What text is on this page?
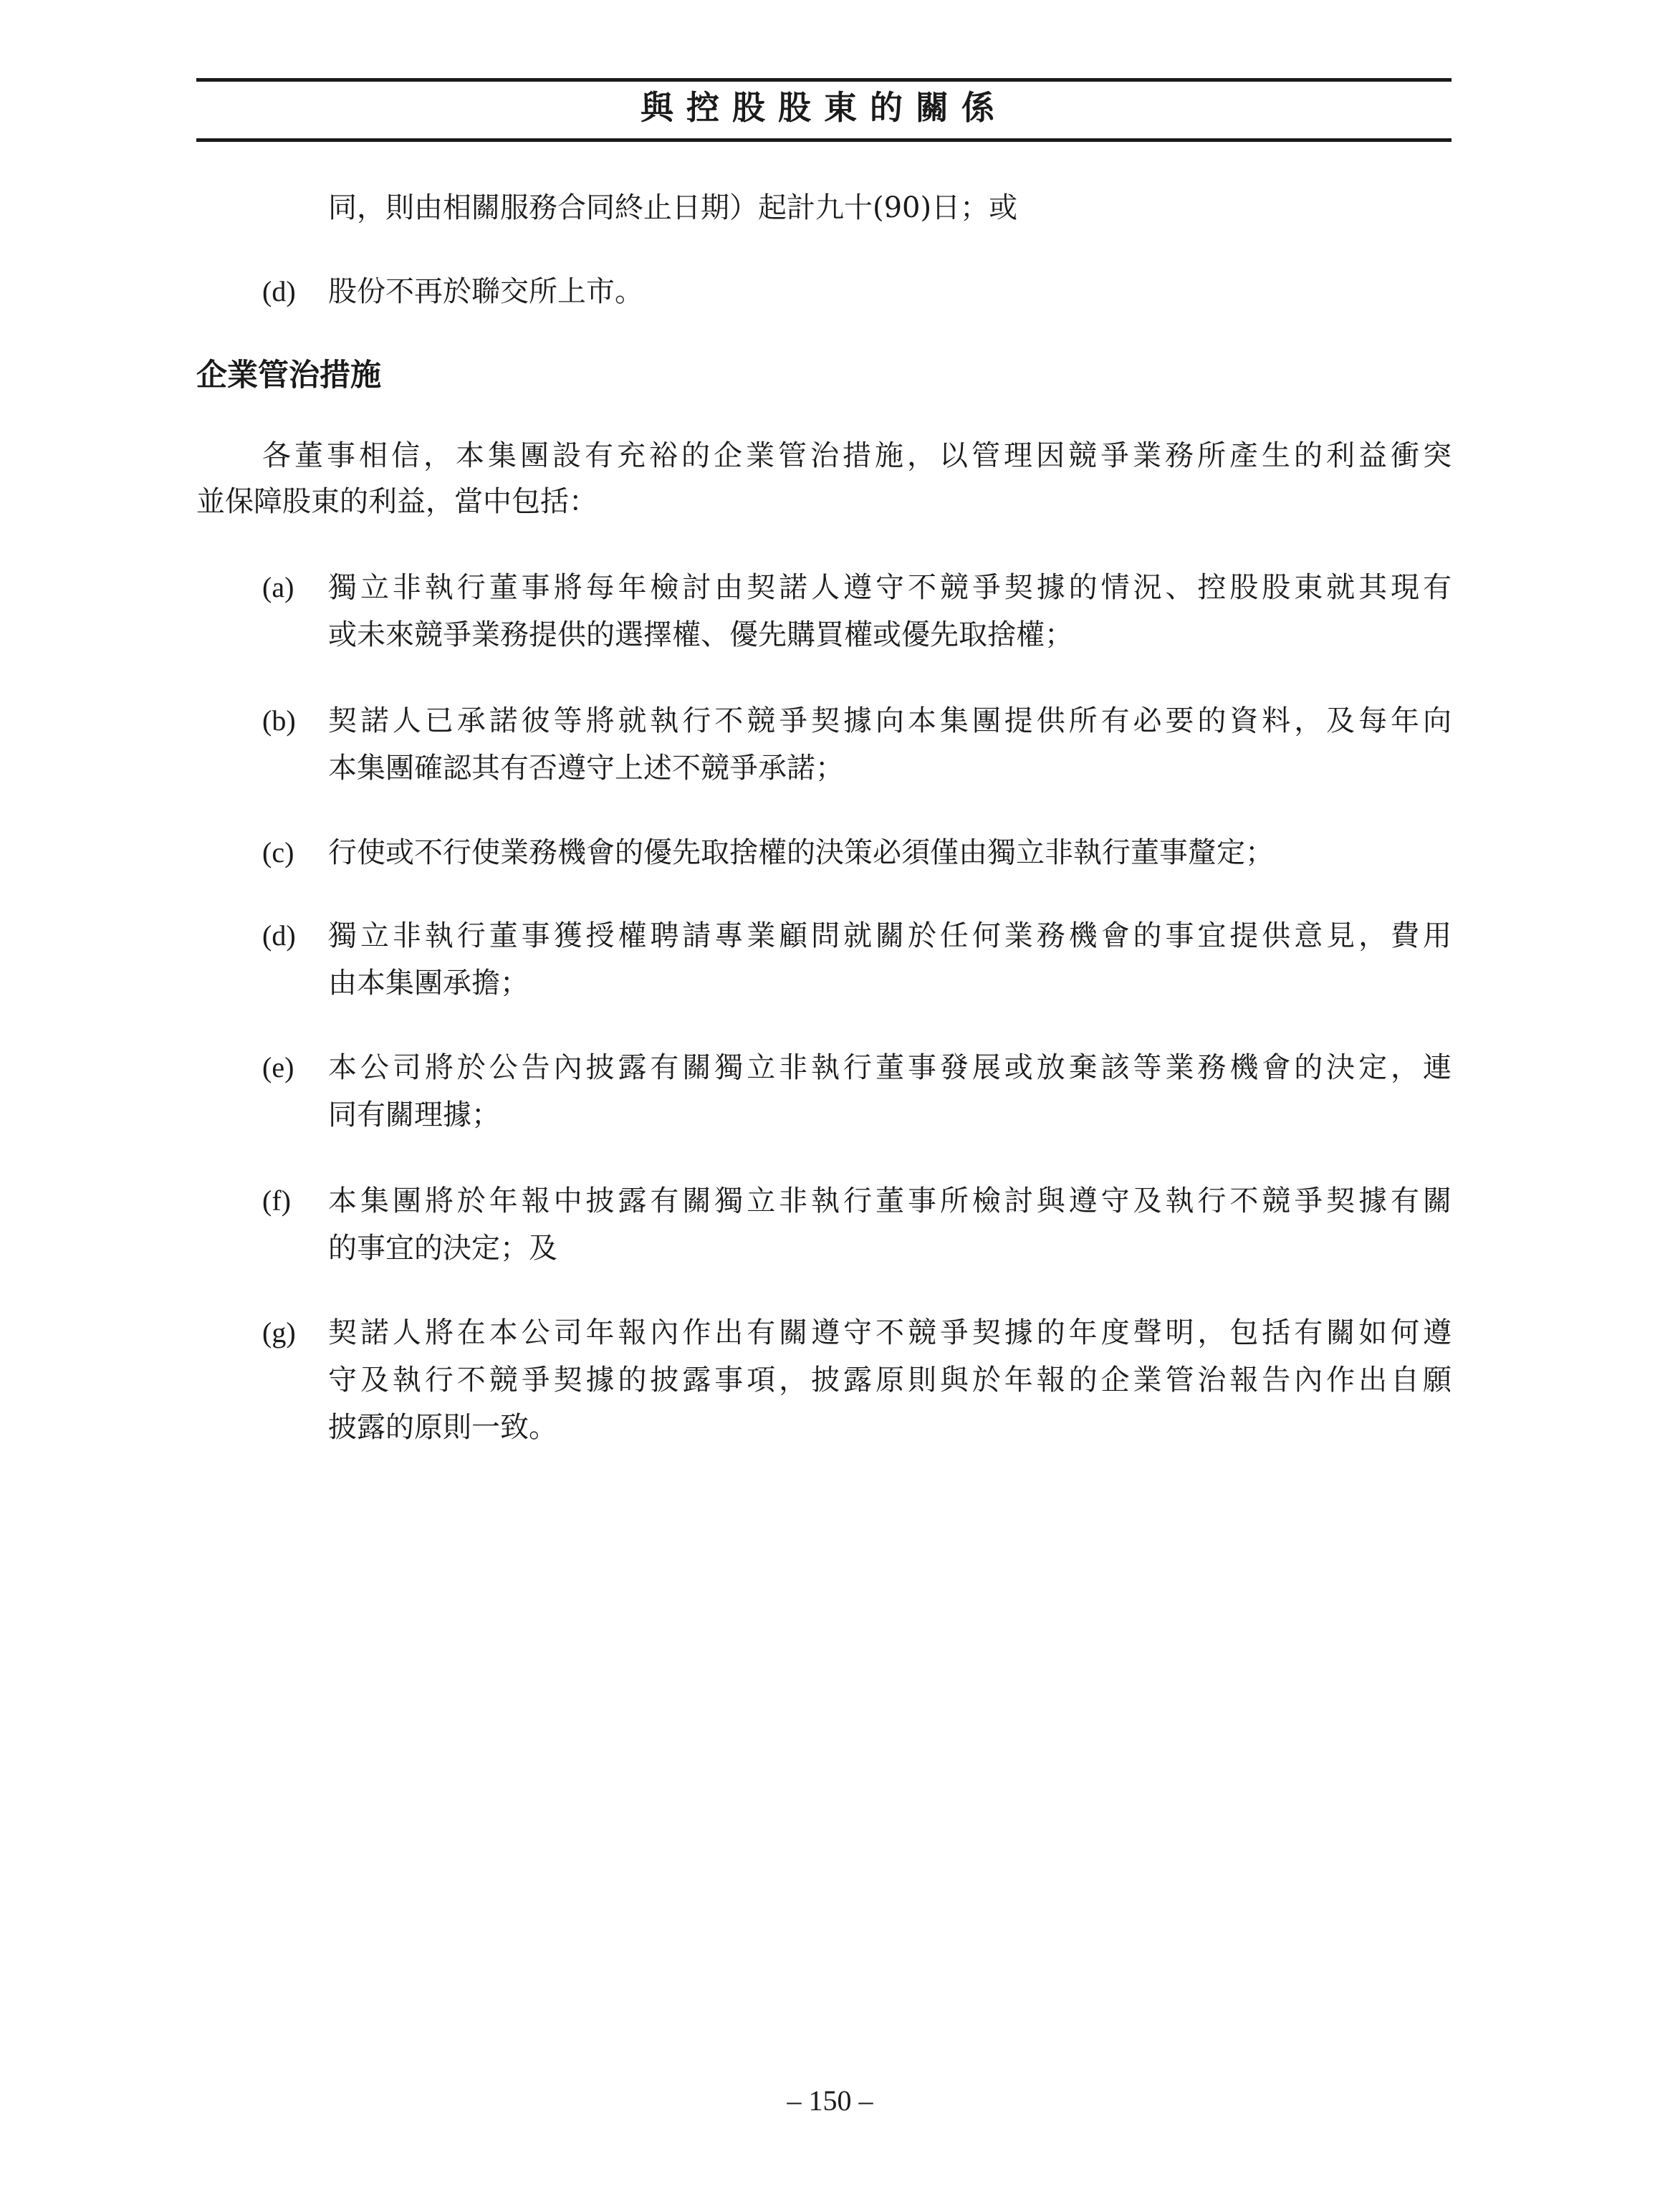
與控股股東的關係
同，則由相關服務合同終止日期）起計九十(90)日；或
(d) 股份不再於聯交所上市。
企業管治措施
各董事相信，本集團設有充裕的企業管治措施，以管理因競爭業務所產生的利益衝突
並保障股東的利益，當中包括：
(a) 獨立非執行董事將每年檢討由契諾人遵守不競爭契據的情況、控股股東就其現有
或未來競爭業務提供的選擇權、優先購買權或優先取捨權；
(b) 契諾人已承諾彼等將就執行不競爭契據向本集團提供所有必要的資料，及每年向
本集團確認其有否遵守上述不競爭承諾；
(c) 行使或不行使業務機會的優先取捨權的決策必須僅由獨立非執行董事釐定；
(d) 獨立非執行董事獲授權聘請專業顧問就關於任何業務機會的事宜提供意見，費用
由本集團承擔；
(e) 本公司將於公告內披露有關獨立非執行董事發展或放棄該等業務機會的決定，連
同有關理據；
(f) 本集團將於年報中披露有關獨立非執行董事所檢討與遵守及執行不競爭契據有關
的事宜的決定；及
(g) 契諾人將在本公司年報內作出有關遵守不競爭契據的年度聲明，包括有關如何遵
守及執行不競爭契據的披露事項，披露原則與於年報的企業管治報告內作出自願
披露的原則一致。
– 150 –
